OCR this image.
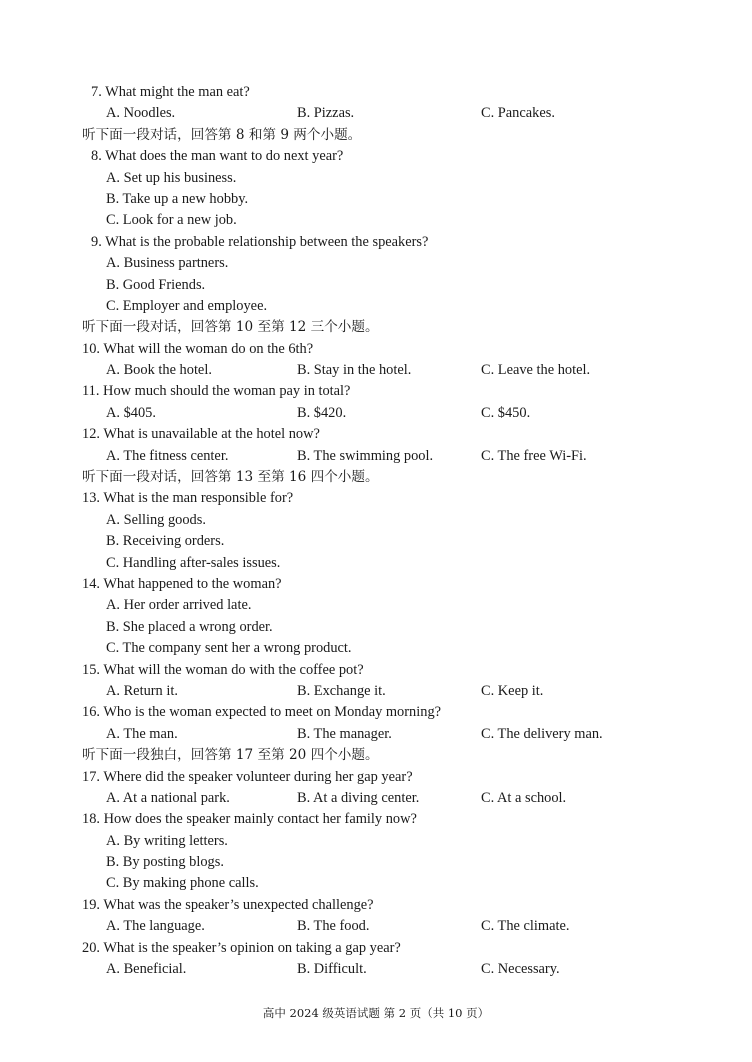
7. What might the man eat?
A. Noodles.	B. Pizzas.	C. Pancakes.
听下面一段对话，回答第 8 和第 9 两个小题。
8. What does the man want to do next year?
A. Set up his business.
B. Take up a new hobby.
C. Look for a new job.
9. What is the probable relationship between the speakers?
A. Business partners.
B. Good Friends.
C. Employer and employee.
听下面一段对话，回答第 10 至第 12 三个小题。
10. What will the woman do on the 6th?
A. Book the hotel.	B. Stay in the hotel.	C. Leave the hotel.
11. How much should the woman pay in total?
A. $405.	B. $420.	C. $450.
12. What is unavailable at the hotel now?
A. The fitness center.	B. The swimming pool.	C. The free Wi-Fi.
听下面一段对话，回答第 13 至第 16 四个小题。
13. What is the man responsible for?
A. Selling goods.
B. Receiving orders.
C. Handling after-sales issues.
14. What happened to the woman?
A. Her order arrived late.
B. She placed a wrong order.
C. The company sent her a wrong product.
15. What will the woman do with the coffee pot?
A. Return it.	B. Exchange it.	C. Keep it.
16. Who is the woman expected to meet on Monday morning?
A. The man.	B. The manager.	C. The delivery man.
听下面一段独白，回答第 17 至第 20 四个小题。
17. Where did the speaker volunteer during her gap year?
A. At a national park.	B. At a diving center.	C. At a school.
18. How does the speaker mainly contact her family now?
A. By writing letters.
B. By posting blogs.
C. By making phone calls.
19. What was the speaker’s unexpected challenge?
A. The language.	B. The food.	C. The climate.
20. What is the speaker’s opinion on taking a gap year?
A. Beneficial.	B. Difficult.	C. Necessary.
高中 2024 级英语试题 第 2 页（共 10 页）
